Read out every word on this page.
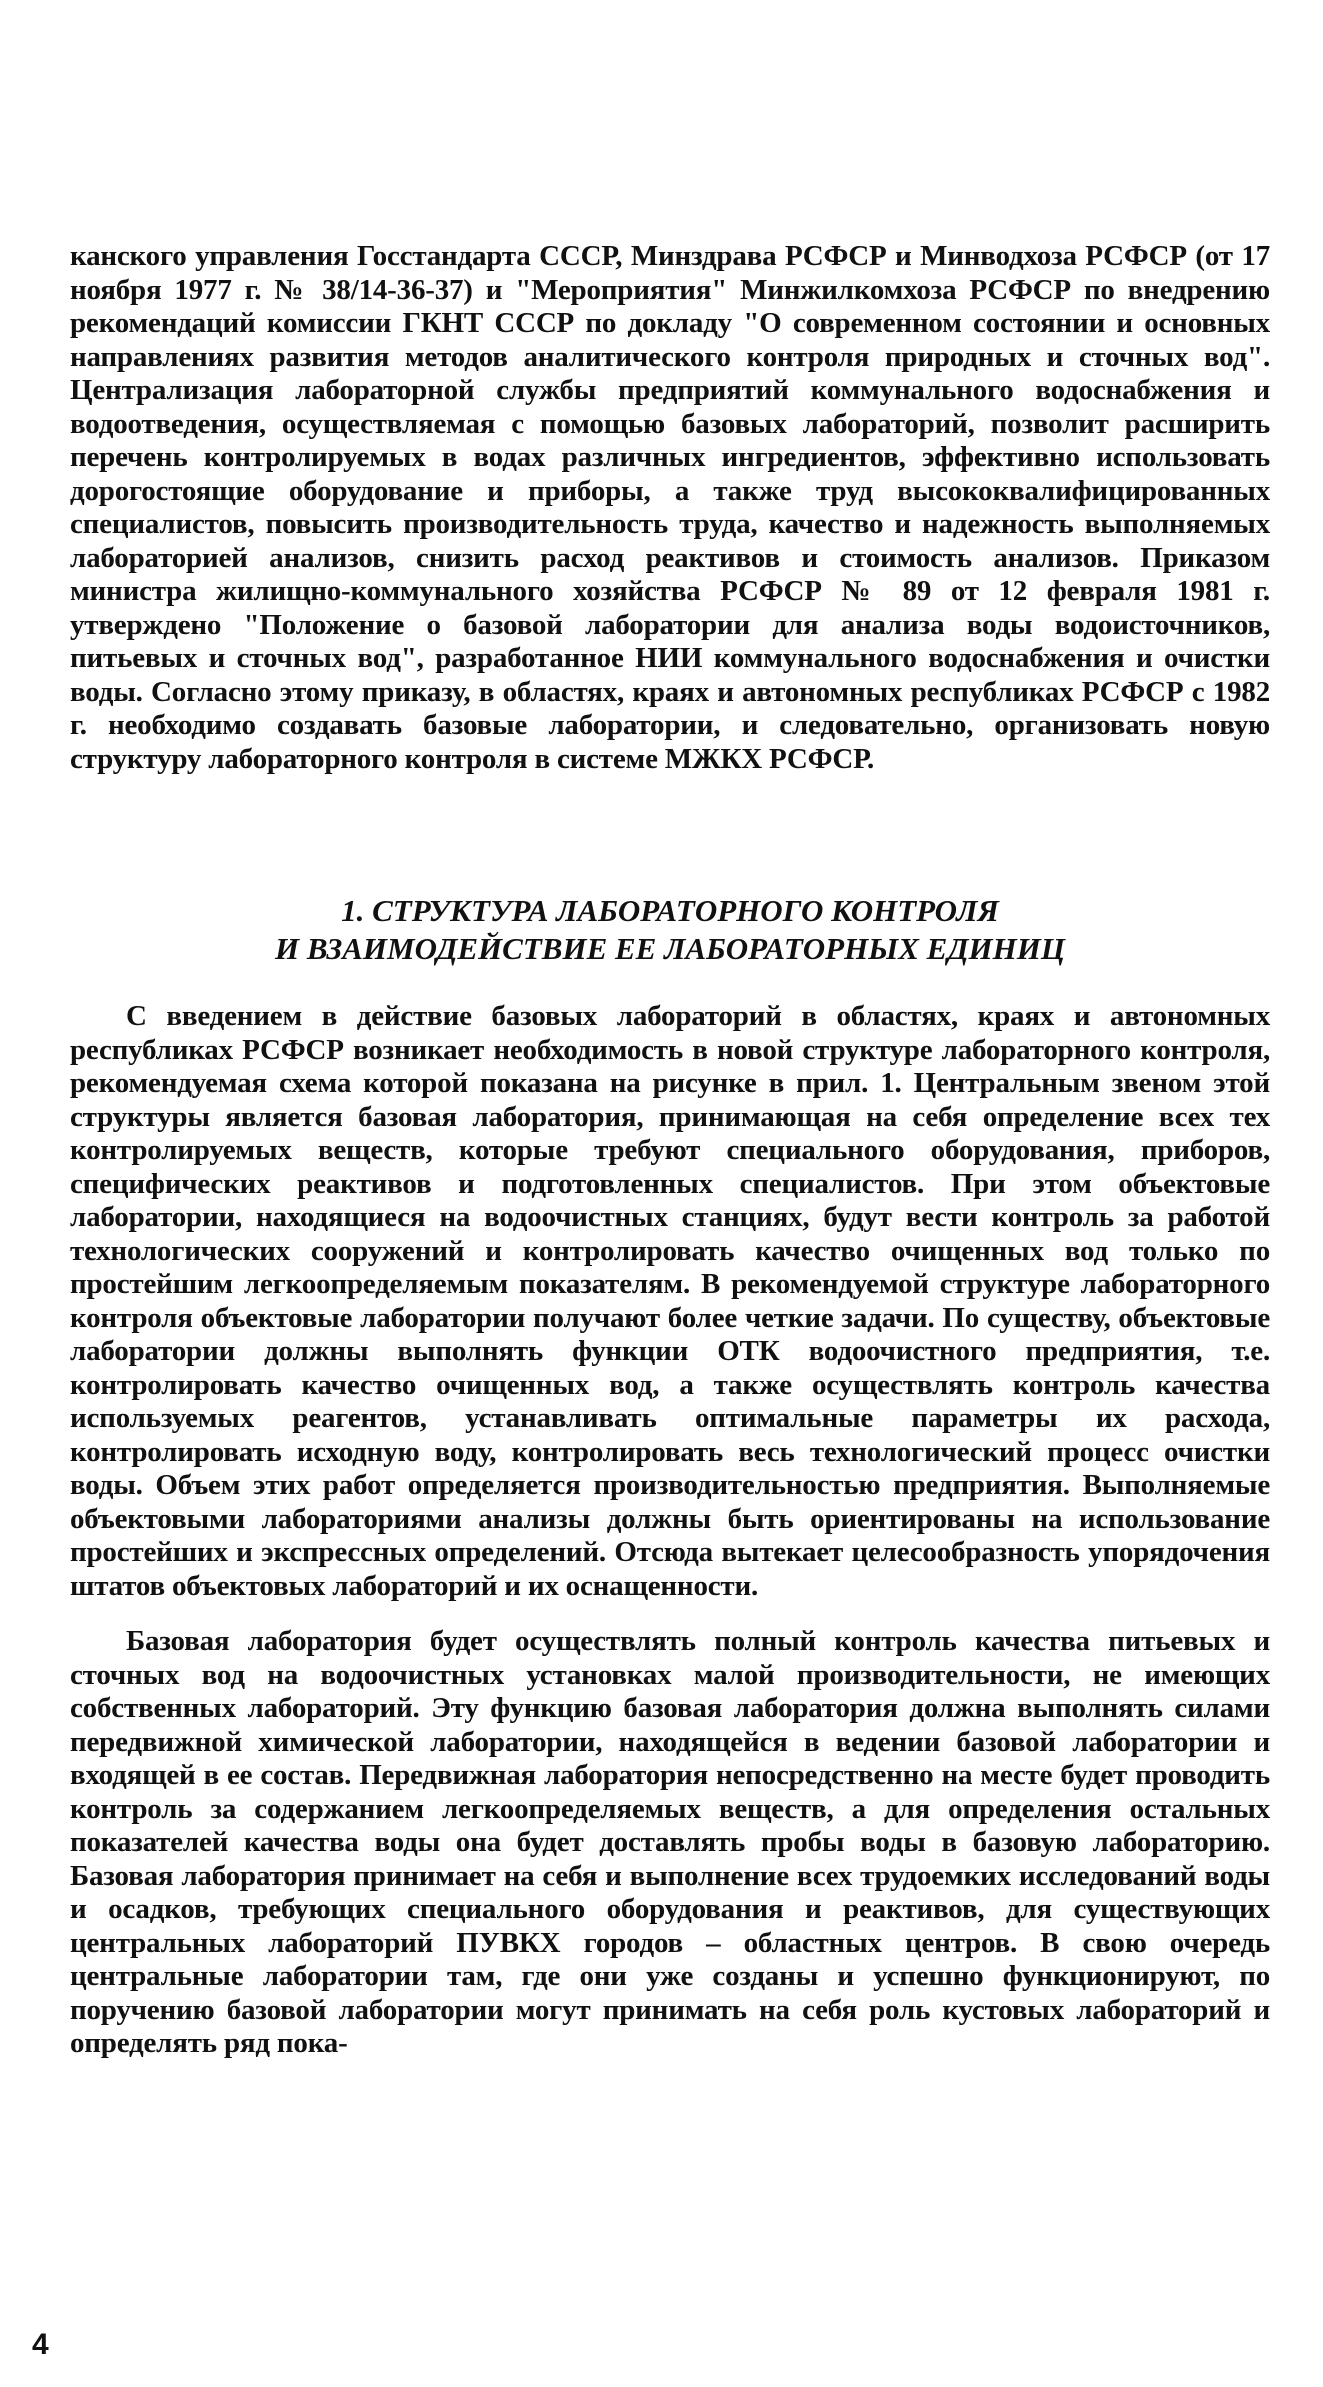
канского управления Госстандарта СССР, Минздрава РСФСР и Минводхоза РСФСР (от 17 ноября 1977 г. № 38/14-36-37) и "Мероприятия" Минжилкомхоза РСФСР по внедрению рекомендаций комиссии ГКНТ СССР по докладу "О современном состоянии и основных направлениях развития методов аналитического контроля природных и сточных вод". Централизация лабораторной службы предприятий коммунального водоснабжения и водоотведения, осуществляемая с помощью базовых лабораторий, позволит расширить перечень контролируемых в водах различных ингредиентов, эффективно использовать дорогостоящие оборудование и приборы, а также труд высококвалифицированных специалистов, повысить производительность труда, качество и надежность выполняемых лабораторией анализов, снизить расход реактивов и стоимость анализов. Приказом министра жилищно-коммунального хозяйства РСФСР № 89 от 12 февраля 1981 г. утверждено "Положение о базовой лаборатории для анализа воды водоисточников, питьевых и сточных вод", разработанное НИИ коммунального водоснабжения и очистки воды. Согласно этому приказу, в областях, краях и автономных республиках РСФСР с 1982 г. необходимо создавать базовые лаборатории, и следовательно, организовать новую структуру лабораторного контроля в системе МЖКХ РСФСР.

1. СТРУКТУРА ЛАБОРАТОРНОГО КОНТРОЛЯ

И ВЗАИМОДЕЙСТВИЕ ЕЕ ЛАБОРАТОРНЫХ ЕДИНИЦ

С введением в действие базовых лабораторий в областях, краях и автономных республиках РСФСР возникает необходимость в новой структуре лабораторного контроля, рекомендуемая схема которой показана на рисунке в прил. 1. Центральным звеном этой структуры является базовая лаборатория, принимающая на себя определение всех тех контролируемых веществ, которые требуют специального оборудования, приборов, специфических реактивов и подготовленных специалистов. При этом объектовые лаборатории, находящиеся на водоочистных станциях, будут вести контроль за работой технологических сооружений и контролировать качество очищенных вод только по простейшим легкоопределяемым показателям. В рекомендуемой структуре лабораторного контроля объектовые лаборатории получают более четкие задачи. По существу, объектовые лаборатории должны выполнять функции ОТК водоочистного предприятия, т.е. контролировать качество очищенных вод, а также осуществлять контроль качества используемых реагентов, устанавливать оптимальные параметры их расхода, контролировать исходную воду, контролировать весь технологический процесс очистки воды. Объем этих работ определяется производительностью предприятия. Выполняемые объектовыми лабораториями анализы должны быть ориентированы на использование простейших и экспрессных определений. Отсюда вытекает целесообразность упорядочения штатов объектовых лабораторий и их оснащенности.

Базовая лаборатория будет осуществлять полный контроль качества питьевых и сточных вод на водоочистных установках малой производительности, не имеющих собственных лабораторий. Эту функцию базовая лаборатория должна выполнять силами передвижной химической лаборатории, находящейся в ведении базовой лаборатории и входящей в ее состав. Передвижная лаборатория непосредственно на месте будет проводить контроль за содержанием легкоопределяемых веществ, а для определения остальных показателей качества воды она будет доставлять пробы воды в базовую лабораторию. Базовая лаборатория принимает на себя и выполнение всех трудоемких исследований воды и осадков, требующих специального оборудования и реактивов, для существующих центральных лабораторий ПУВКХ городов – областных центров. В свою очередь центральные лаборатории там, где они уже созданы и успешно функционируют, по поручению базовой лаборатории могут принимать на себя роль кустовых лабораторий и определять ряд пока-

4
